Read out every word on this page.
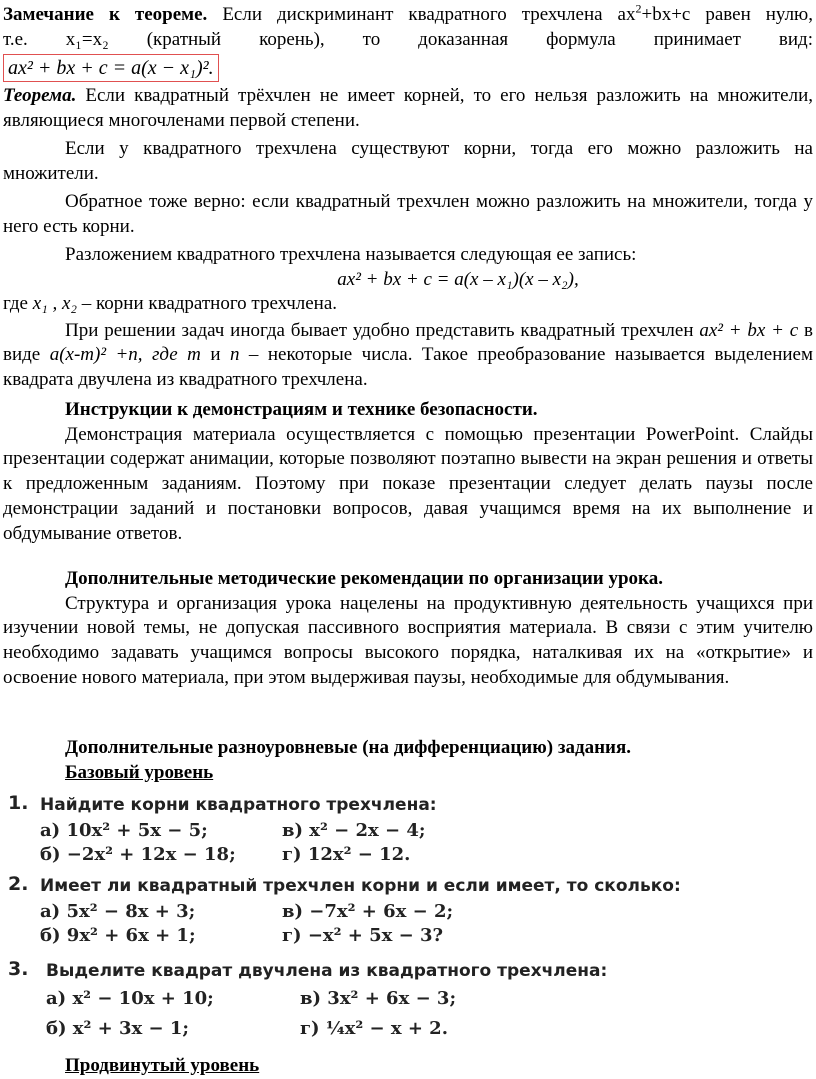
Замечание к теореме. Если дискриминант квадратного трехчлена $ax^2+bx+c$ равен нулю,
т.е. x₁=x₂ (кратный корень), то доказанная формула принимает вид:
ax² + bx + c = a(x − x₁)².

Теорема. Если квадратный трёхчлен не имеет корней, то его нельзя разложить на множители, являющиеся многочленами первой степени.

Если у квадратного трехчлена существуют корни, тогда его можно разложить на множители.

Обратное тоже верно: если квадратный трехчлен можно разложить на множители, тогда у него есть корни.

Разложением квадратного трехчлена называется следующая ее запись:

ax² + bx + c = a(x – x₁)(x – x₂),

где x₁ , x₂ – корни квадратного трехчлена.

При решении задач иногда бывает удобно представить квадратный трехчлен ax² + bx + c в виде a(x-m)² +n, где m и n – некоторые числа. Такое преобразование называется выделением квадрата двучлена из квадратного трехчлена.

Инструкции к демонстрациям и технике безопасности.

Демонстрация материала осуществляется с помощью презентации PowerPoint. Слайды презентации содержат анимации, которые позволяют поэтапно вывести на экран решения и ответы к предложенным заданиям. Поэтому при показе презентации следует делать паузы после демонстрации заданий и постановки вопросов, давая учащимся время на их выполнение и обдумывание ответов.

Дополнительные методические рекомендации по организации урока.

Структура и организация урока нацелены на продуктивную деятельность учащихся при изучении новой темы, не допуская пассивного восприятия материала. В связи с этим учителю необходимо задавать учащимся вопросы высокого порядка, наталкивая их на «открытие» и освоение нового материала, при этом выдерживая паузы, необходимые для обдумывания.

Дополнительные разноуровневые (на дифференциацию) задания.

Базовый уровень

1. Найдите корни квадратного трехчлена:
а) 10x² + 5x − 5;	в) x² − 2x − 4;
б) −2x² + 12x − 18;	г) 12x² − 12.
2. Имеет ли квадратный трехчлен корни и если имеет, то сколько:
а) 5x² − 8x + 3;	в) −7x² + 6x − 2;
б) 9x² + 6x + 1;	г) −x² + 5x − 3?
3. Выделите квадрат двучлена из квадратного трехчлена:
а) x² − 10x + 10;	в) 3x² + 6x − 3;
б) x² + 3x − 1;	г) ¼x² − x + 2.
Продвинутый уровень
